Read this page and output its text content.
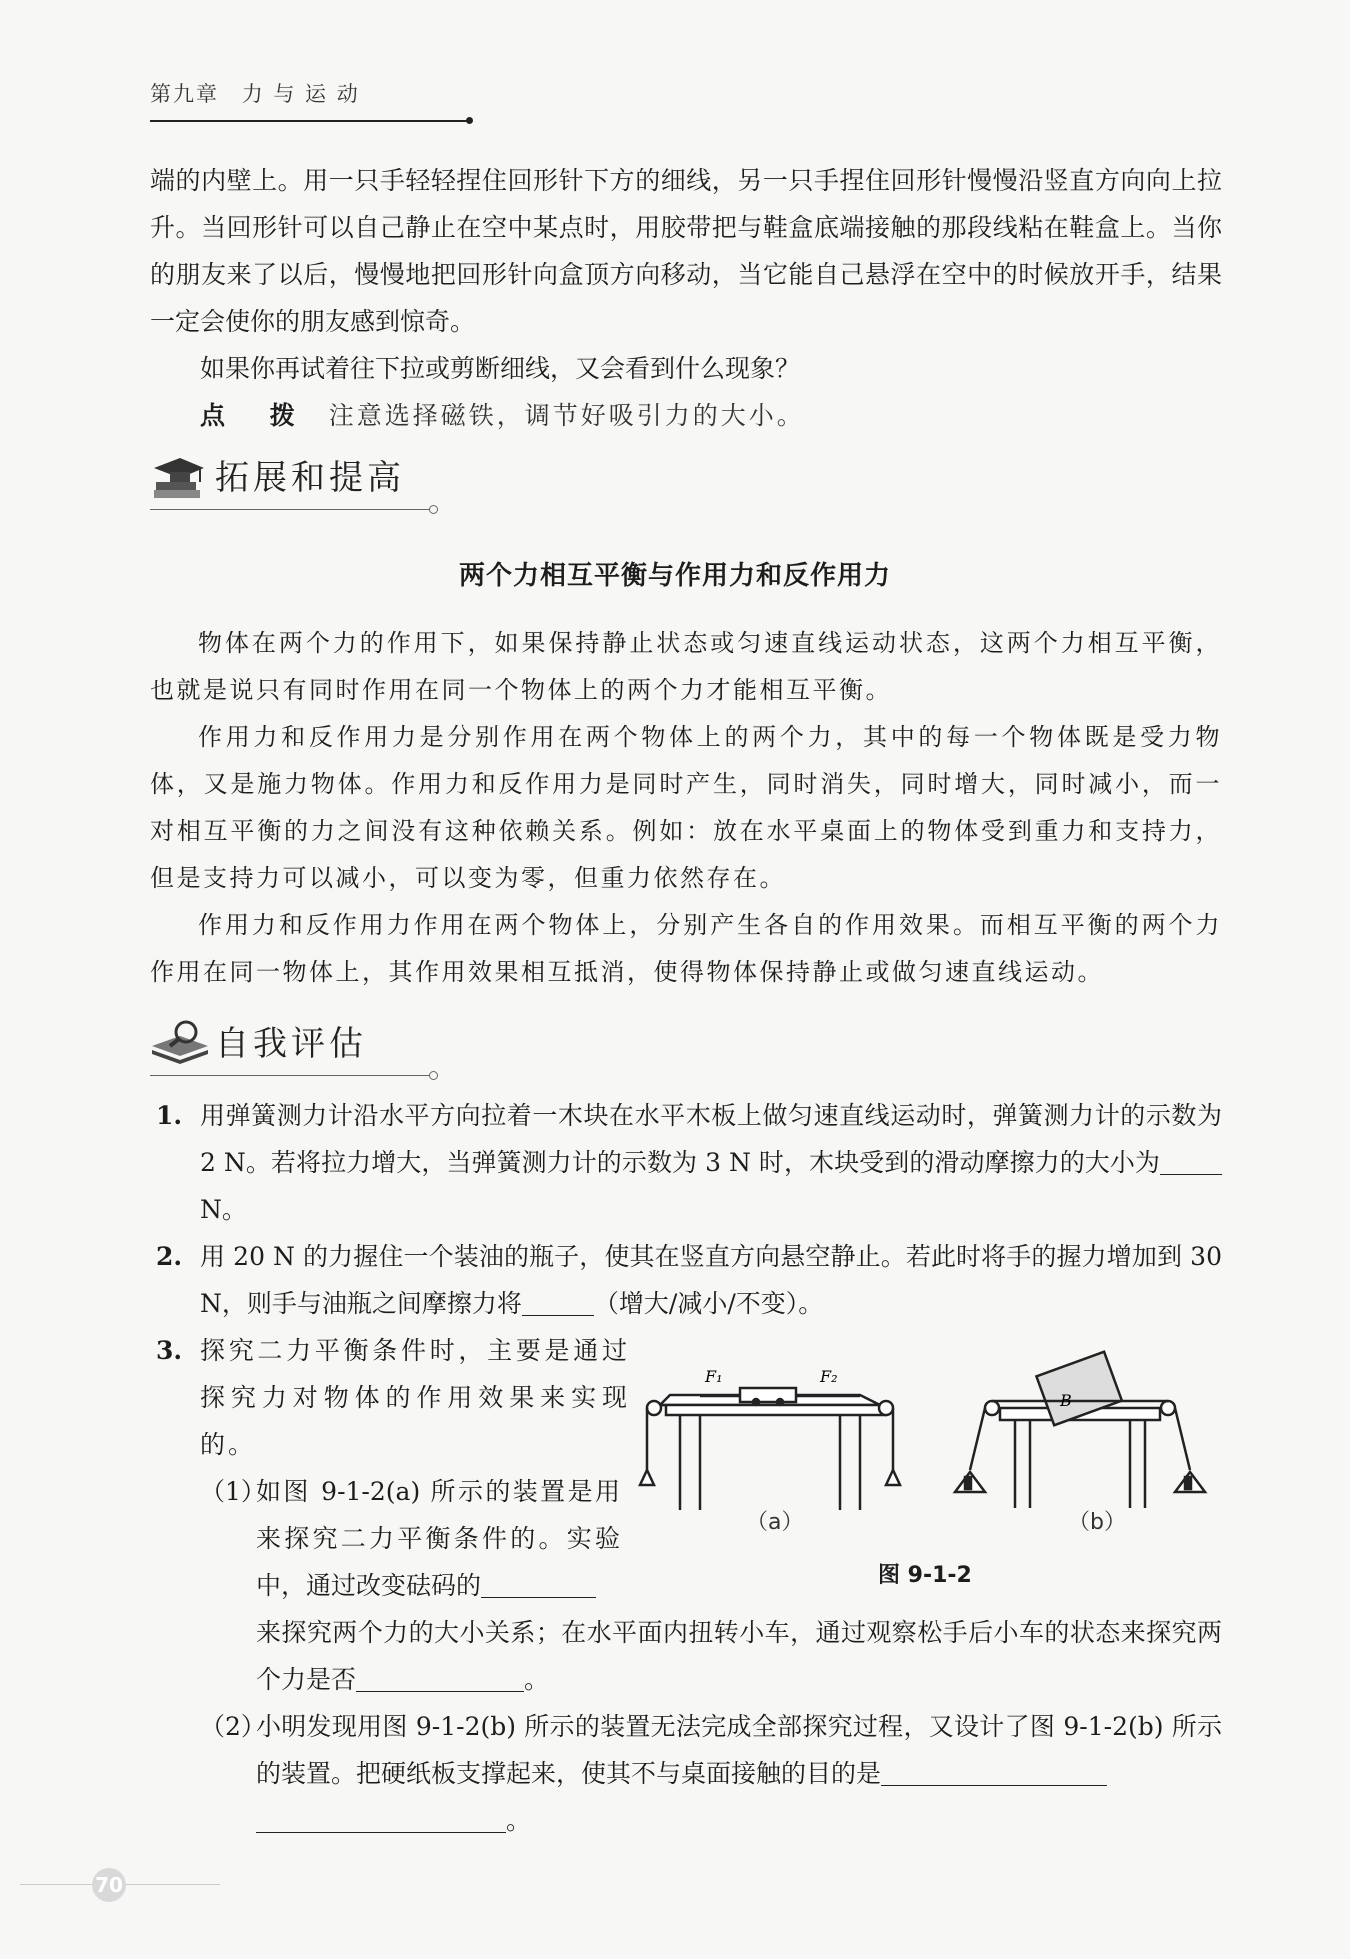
第九章 力 与 运 动

端的内壁上。用一只手轻轻捏住回形针下方的细线，另一只手捏住回形针慢慢沿竖直方向向上拉升。当回形针可以自己静止在空中某点时，用胶带把与鞋盒底端接触的那段线粘在鞋盒上。当你的朋友来了以后，慢慢地把回形针向盒顶方向移动，当它能自己悬浮在空中的时候放开手，结果一定会使你的朋友感到惊奇。

如果你再试着往下拉或剪断细线，又会看到什么现象？

点 拨 注意选择磁铁，调节好吸引力的大小。

拓展和提高
两个力相互平衡与作用力和反作用力

物体在两个力的作用下，如果保持静止状态或匀速直线运动状态，这两个力相互平衡，也就是说只有同时作用在同一个物体上的两个力才能相互平衡。

作用力和反作用力是分别作用在两个物体上的两个力，其中的每一个物体既是受力物体，又是施力物体。作用力和反作用力是同时产生，同时消失，同时增大，同时减小，而一对相互平衡的力之间没有这种依赖关系。例如：放在水平桌面上的物体受到重力和支持力，但是支持力可以减小，可以变为零，但重力依然存在。

作用力和反作用力作用在两个物体上，分别产生各自的作用效果。而相互平衡的两个力作用在同一物体上，其作用效果相互抵消，使得物体保持静止或做匀速直线运动。

自我评估
1. 用弹簧测力计沿水平方向拉着一木块在水平木板上做匀速直线运动时，弹簧测力计的示数为 2 N。若将拉力增大，当弹簧测力计的示数为 3 N 时，木块受到的滑动摩擦力的大小为N。
2. 用 20 N 的力握住一个装油的瓶子，使其在竖直方向悬空静止。若此时将手的握力增加到 30 N，则手与油瓶之间摩擦力将	（增大/减小/不变）。
3. 探究二力平衡条件时，主要是通过探究力对物体的作用效果来实现的。
（1）
如图 9-1-2(a) 所示的装置是用来探究二力平衡条件的。实验中，通过改变砝码的
来探究两个力的大小关系；在水平面内扭转小车，通过观察松手后小车的状态来探究两个力是否	。
（2）
小明发现用图 9-1-2(b) 所示的装置无法完成全部探究过程，又设计了图 9-1-2(b) 所示的装置。把硬纸板支撑起来，使其不与桌面接触的目的是
。
F₁	F₂
B
（a）	（b）
图 9-1-2
70
